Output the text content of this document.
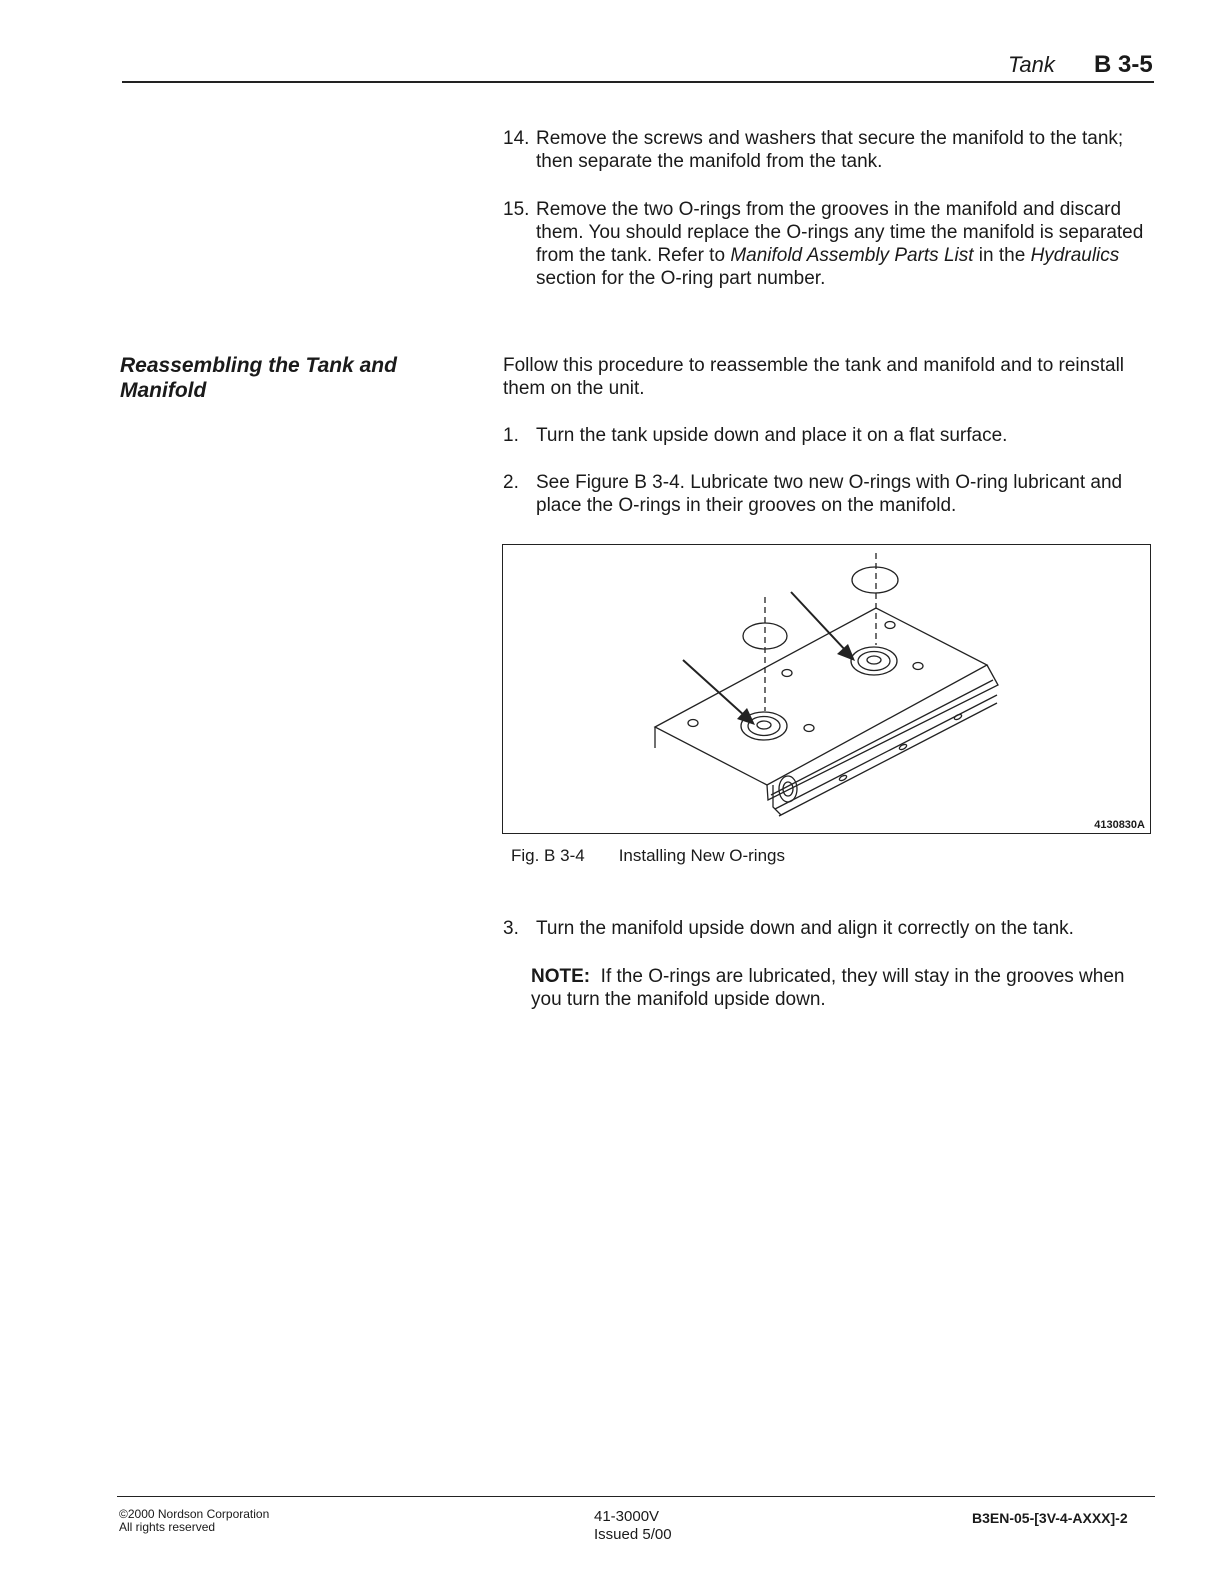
Tank B 3-5
14. Remove the screws and washers that secure the manifold to the tank; then separate the manifold from the tank.
15. Remove the two O-rings from the grooves in the manifold and discard them. You should replace the O-rings any time the manifold is separated from the tank. Refer to Manifold Assembly Parts List in the Hydraulics section for the O-ring part number.
Reassembling the Tank and Manifold
Follow this procedure to reassemble the tank and manifold and to reinstall them on the unit.
1. Turn the tank upside down and place it on a flat surface.
2. See Figure B 3-4. Lubricate two new O-rings with O-ring lubricant and place the O-rings in their grooves on the manifold.
4130830A
Fig. B 3-4 Installing New O-rings
3. Turn the manifold upside down and align it correctly on the tank.
NOTE: If the O-rings are lubricated, they will stay in the grooves when you turn the manifold upside down.
©2000 Nordson Corporation
All rights reserved
41-3000V
Issued 5/00
B3EN-05-[3V-4-AXXX]-2
